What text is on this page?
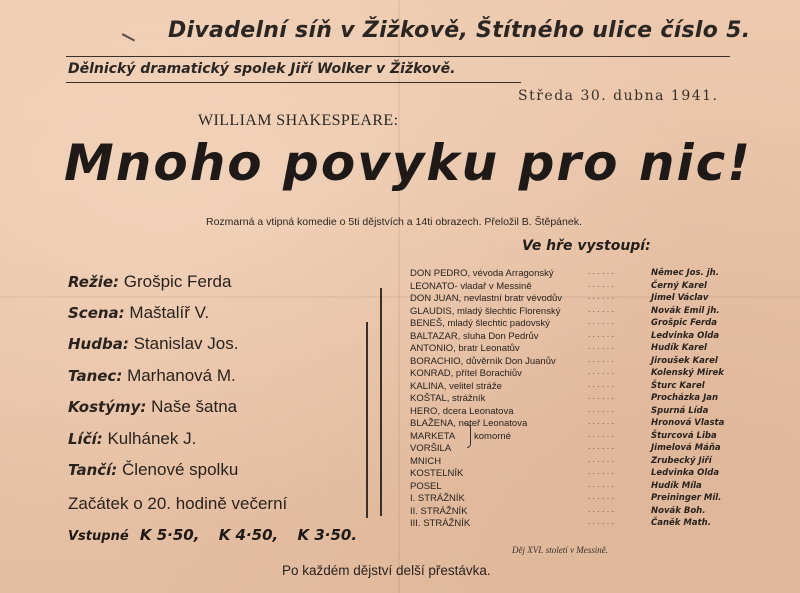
Divadelní síň v Žižkově, Štítného ulice číslo 5.
Dělnický dramatický spolek Jiří Wolker v Žižkově.
Středa 30. dubna 1941.
WILLIAM SHAKESPEARE:
Mnoho povyku pro nic!
Rozmarná a vtipná komedie o 5ti dějstvích a 14ti obrazech. Přeložil B. Štěpánek.
Ve hře vystoupí:
Režie: Grošpic Ferda
Scena: Maštalíř V.
Hudba: Stanislav Jos.
Tanec: Marhanová M.
Kostýmy: Naše šatna
Líčí: Kulhánek J.
Tančí: Členové spolku
Začátek o 20. hodině večerní
Vstupné K 5·50, K 4·50, K 3·50.
DON PEDRO, vévoda Arragonský	......	Němec Jos. jh.
LEONATO- vladař v Messině	......	Černý Karel
DON JUAN, nevlastní bratr vévodův	......	Jimel Václav
GLAUDIS, mladý šlechtic Florenský	......	Novák Emil jh.
BENEŠ, mladý šlechtic padovský	......	Grošpic Ferda
BALTAZAR, sluha Don Pedrův	......	Ledvinka Olda
ANTONIO, bratr Leonatův	......	Hudík Karel
BORACHIO, důvěrník Don Juanův	......	Jiroušek Karel
KONRAD, přítel Borachiův	......	Kolenský Mirek
KALINA, velitel stráže	......	Šturc Karel
KOŠTAL, strážník	......	Procházka Jan
HERO, dcera Leonatova	......	Spurná Lída
BLAŽENA, neteř Leonatova	......	Hronová Vlasta
MARKETA	......	Šturcová Liba
VORŠILA	......	Jimelová Máňa
MNICH	......	Zrubecký Jiří
KOSTELNÍK	......	Ledvinka Olda
POSEL	......	Hudík Míla
I. STRÁŽNÍK	......	Preininger Mil.
II. STRÁŽNÍK	......	Novák Boh.
III. STRÁŽNÍK	......	Čaněk Math.
komorné
Děj XVI. století v Messině.
Po každém dějství delší přestávka.
